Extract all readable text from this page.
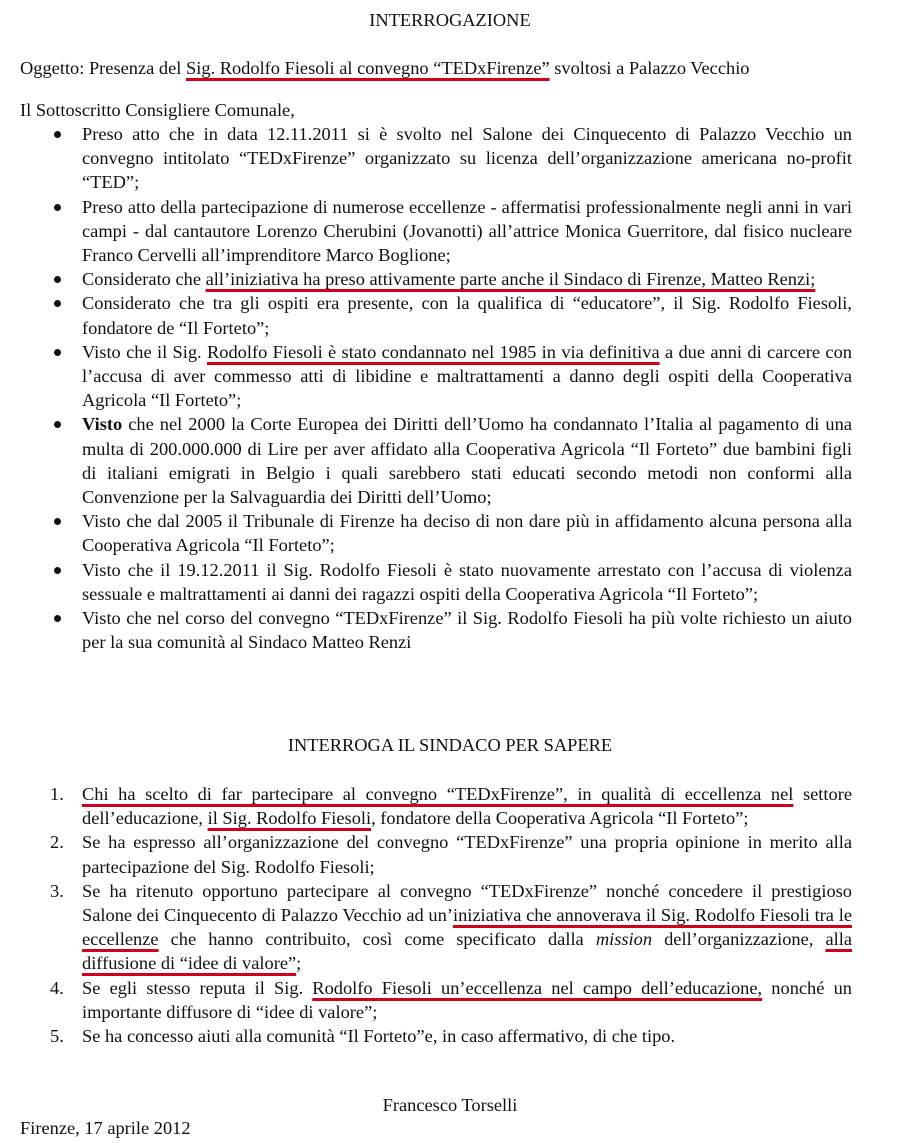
INTERROGAZIONE
Oggetto: Presenza del Sig. Rodolfo Fiesoli al convegno “TEDxFirenze” svoltosi a Palazzo Vecchio
Il Sottoscritto Consigliere Comunale,
Preso atto che in data 12.11.2011 si è svolto nel Salone dei Cinquecento di Palazzo Vecchio un convegno intitolato “TEDxFirenze” organizzato su licenza dell’organizzazione americana no-profit “TED”;
Preso atto della partecipazione di numerose eccellenze - affermatisi professionalmente negli anni in vari campi - dal cantautore Lorenzo Cherubini (Jovanotti) all’attrice Monica Guerritore, dal fisico nucleare Franco Cervelli all’imprenditore Marco Boglione;
Considerato che all’iniziativa ha preso attivamente parte anche il Sindaco di Firenze, Matteo Renzi;
Considerato che tra gli ospiti era presente, con la qualifica di “educatore”, il Sig. Rodolfo Fiesoli, fondatore de “Il Forteto”;
Visto che il Sig. Rodolfo Fiesoli è stato condannato nel 1985 in via definitiva a due anni di carcere con l’accusa di aver commesso atti di libidine e maltrattamenti a danno degli ospiti della Cooperativa Agricola “Il Forteto”;
Visto che nel 2000 la Corte Europea dei Diritti dell’Uomo ha condannato l’Italia al pagamento di una multa di 200.000.000 di Lire per aver affidato alla Cooperativa Agricola “Il Forteto” due bambini figli di italiani emigrati in Belgio i quali sarebbero stati educati secondo metodi non conformi alla Convenzione per la Salvaguardia dei Diritti dell’Uomo;
Visto che dal 2005 il Tribunale di Firenze ha deciso di non dare più in affidamento alcuna persona alla Cooperativa Agricola “Il Forteto”;
Visto che il 19.12.2011 il Sig. Rodolfo Fiesoli è stato nuovamente arrestato con l’accusa di violenza sessuale e maltrattamenti ai danni dei ragazzi ospiti della Cooperativa Agricola “Il Forteto”;
Visto che nel corso del convegno “TEDxFirenze” il Sig. Rodolfo Fiesoli ha più volte richiesto un aiuto per la sua comunità al Sindaco Matteo Renzi
INTERROGA IL SINDACO PER SAPERE
1. Chi ha scelto di far partecipare al convegno “TEDxFirenze”, in qualità di eccellenza nel settore dell’educazione, il Sig. Rodolfo Fiesoli, fondatore della Cooperativa Agricola “Il Forteto”;
2. Se ha espresso all’organizzazione del convegno “TEDxFirenze” una propria opinione in merito alla partecipazione del Sig. Rodolfo Fiesoli;
3. Se ha ritenuto opportuno partecipare al convegno “TEDxFirenze” nonché concedere il prestigioso Salone dei Cinquecento di Palazzo Vecchio ad un’iniziativa che annoverava il Sig. Rodolfo Fiesoli tra le eccellenze che hanno contribuito, così come specificato dalla mission dell’organizzazione, alla diffusione di “idee di valore”;
4. Se egli stesso reputa il Sig. Rodolfo Fiesoli un’eccellenza nel campo dell’educazione, nonché un importante diffusore di “idee di valore”;
5. Se ha concesso aiuti alla comunità “Il Forteto”e, in caso affermativo, di che tipo.
Francesco Torselli
Firenze, 17 aprile 2012
